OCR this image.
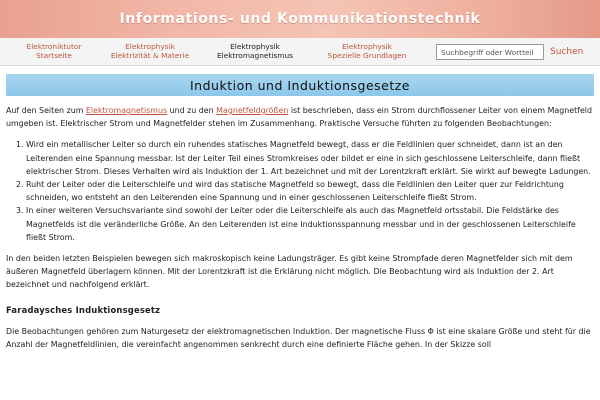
Informations- und Kommunikationstechnik
Elektroniktutor
Startseite
Elektrophysik
Elektrizität & Materie
Elektrophysik
Elektromagnetismus
Elektrophysik
Spezielle Grundlagen
Suchbegriff oder Wortteil	Suchen
Induktion und Induktionsgesetze

Auf den Seiten zum Elektromagnetismus und zu den Magnetfeldgrößen ist beschrieben, dass ein Strom durchflossener Leiter von einem Magnetfeld umgeben ist. Elektrischer Strom und Magnetfelder stehen im Zusammenhang. Praktische Versuche führten zu folgenden Beobachtungen:

1. Wird ein metallischer Leiter so durch ein ruhendes statisches Magnetfeld bewegt, dass er die Feldlinien quer schneidet, dann ist an den Leiterenden eine Spannung messbar. Ist der Leiter Teil eines Stromkreises oder bildet er eine in sich geschlossene Leiterschleife, dann fließt elektrischer Strom. Dieses Verhalten wird als Induktion der 1. Art bezeichnet und mit der Lorentzkraft erklärt. Sie wirkt auf bewegte Ladungen.
2. Ruht der Leiter oder die Leiterschleife und wird das statische Magnetfeld so bewegt, dass die Feldlinien den Leiter quer zur Feldrichtung schneiden, wo entsteht an den Leiterenden eine Spannung und in einer geschlossenen Leiterschleife fließt Strom.
3. In einer weiteren Versuchsvariante sind sowohl der Leiter oder die Leiterschleife als auch das Magnetfeld ortsstabil. Die Feldstärke des Magnetfelds ist die veränderliche Größe. An den Leiterenden ist eine Induktionsspannung messbar und in der geschlossenen Leiterschleife fließt Strom.

In den beiden letzten Beispielen bewegen sich makroskopisch keine Ladungsträger. Es gibt keine Strompfade deren Magnetfelder sich mit dem äußeren Magnetfeld überlagern können. Mit der Lorentzkraft ist die Erklärung nicht möglich. Die Beobachtung wird als Induktion der 2. Art bezeichnet und nachfolgend erklärt.

Faradaysches Induktionsgesetz

Die Beobachtungen gehören zum Naturgesetz der elektromagnetischen Induktion. Der magnetische Fluss Φ ist eine skalare Größe und steht für die Anzahl der Magnetfeldlinien, die vereinfacht angenommen senkrecht durch eine definierte Fläche gehen. In der Skizze soll
